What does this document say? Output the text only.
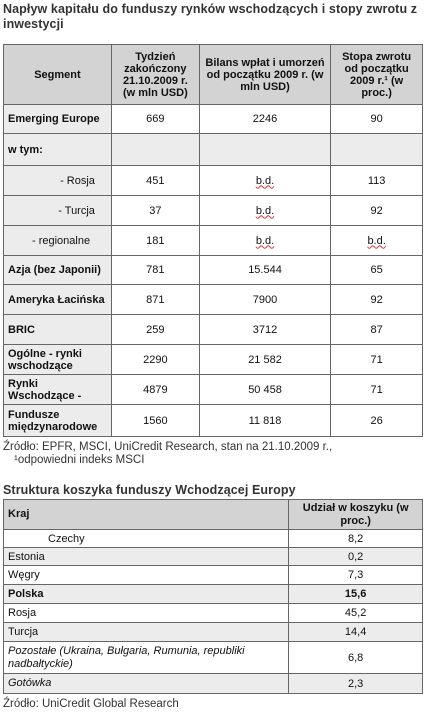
Napływ kapitału do funduszy rynków wschodzących i stopy zwrotu z inwestycji
Segment	Tydzień zakończony 21.10.2009 r. (w mln USD)	Bilans wpłat i umorzeń od początku 2009 r. (w mln USD)	Stopa zwrotu od początku 2009 r.¹ (w proc.)
Emerging Europe	669	2246	90
w tym:			
- Rosja	451	b.d.	113
- Turcja	37	b.d.	92
- regionalne	181	b.d.	b.d.
Azja (bez Japonii)	781	15.544	65
Ameryka Łacińska	871	7900	92
BRIC	259	3712	87
Ogólne - rynki wschodzące	2290	21 582	71
Rynki Wschodzące -	4879	50 458	71
Fundusze międzynarodowe	1560	11 818	26
Źródło: EPFR, MSCI, UniCredit Research, stan na 21.10.2009 r.,
¹odpowiedni indeks MSCI
Struktura koszyka funduszy Wchodzącej Europy
Kraj	Udział w koszyku (w proc.)
Czechy	8,2
Estonia	0,2
Węgry	7,3
Polska	15,6
Rosja	45,2
Turcja	14,4
Pozostałe (Ukraina, Bułgaria, Rumunia, republiki nadbałtyckie)	6,8
Gotówka	2,3
Źródło: UniCredit Global Research
